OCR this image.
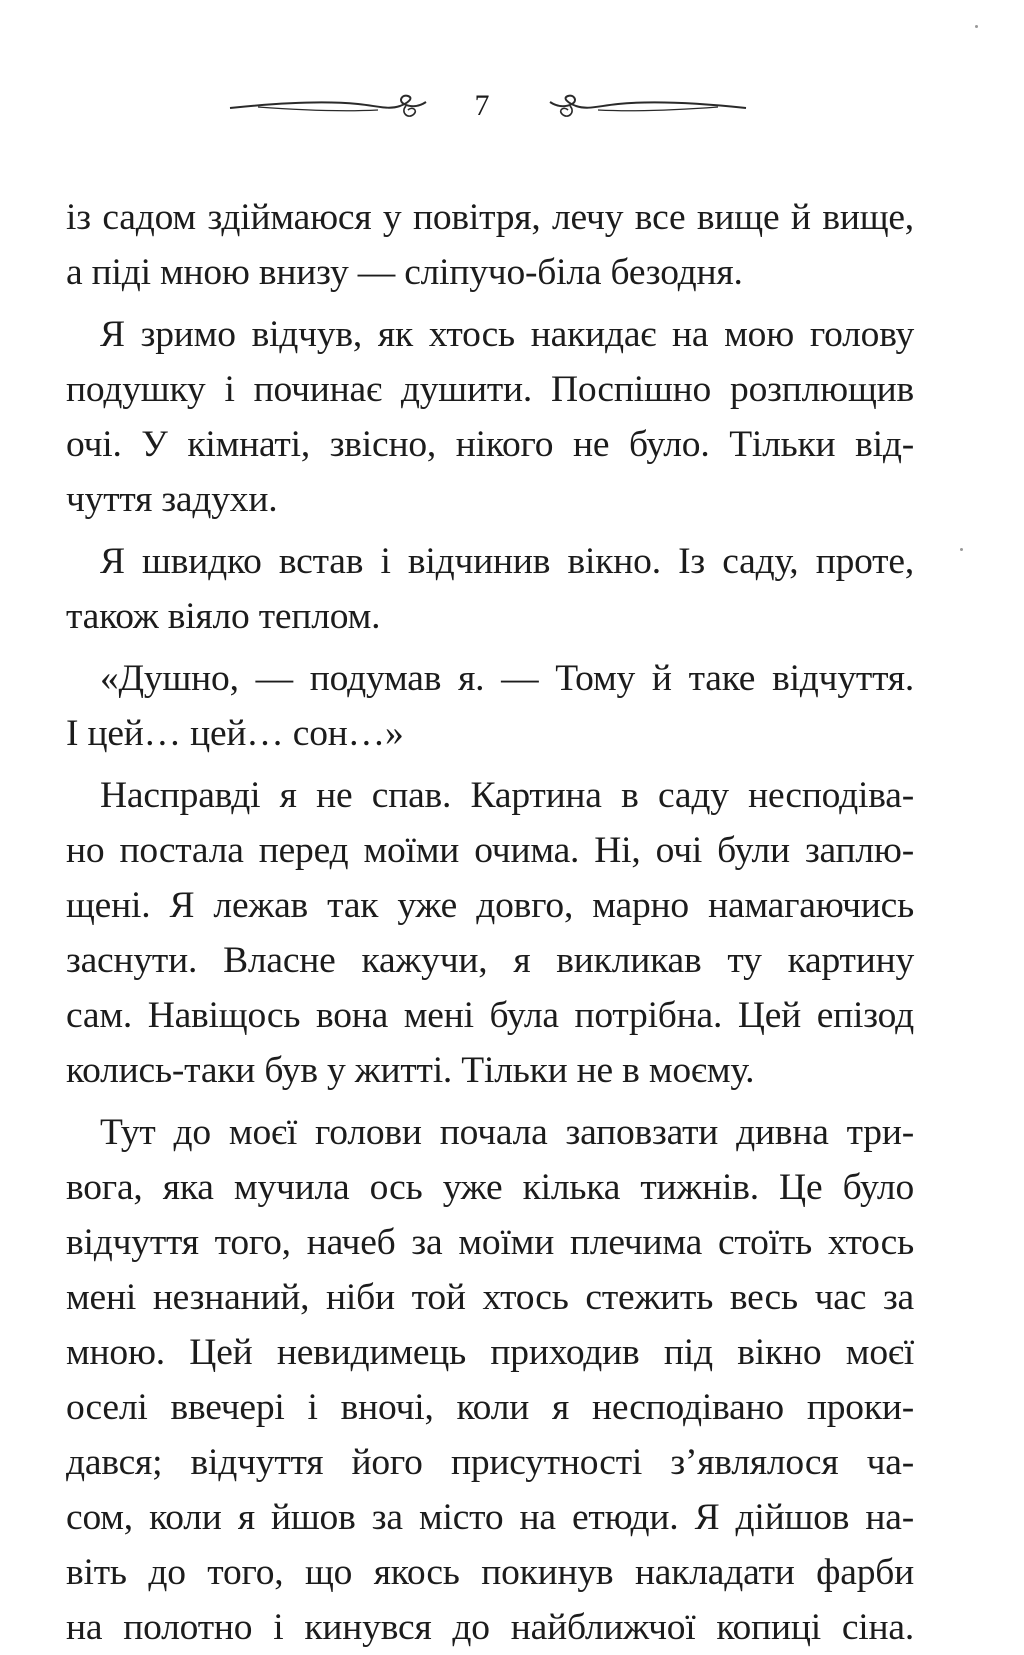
7
із садом здіймаюся у повітря, лечу все вище й вище,
а піді мною внизу — сліпучо-біла безодня.
Я зримо відчув, як хтось накидає на мою голову
подушку і починає душити. Поспішно розплющив
очі. У кімнаті, звісно, нікого не було. Тільки від-
чуття задухи.
Я швидко встав і відчинив вікно. Із саду, проте,
також віяло теплом.
«Душно, — подумав я. — Тому й таке відчуття.
І цей… цей… сон…»
Насправді я не спав. Картина в саду несподіва-
но постала перед моїми очима. Ні, очі були заплю-
щені. Я лежав так уже довго, марно намагаючись
заснути. Власне кажучи, я викликав ту картину
сам. Навіщось вона мені була потрібна. Цей епізод
колись-таки був у житті. Тільки не в моєму.
Тут до моєї голови почала заповзати дивна три-
вога, яка мучила ось уже кілька тижнів. Це було
відчуття того, начеб за моїми плечима стоїть хтось
мені незнаний, ніби той хтось стежить весь час за
мною. Цей невидимець приходив під вікно моєї
оселі ввечері і вночі, коли я несподівано проки-
дався; відчуття його присутності з’являлося ча-
сом, коли я йшов за місто на етюди. Я дійшов на-
віть до того, що якось покинув накладати фарби
на полотно і кинувся до найближчої копиці сіна.
